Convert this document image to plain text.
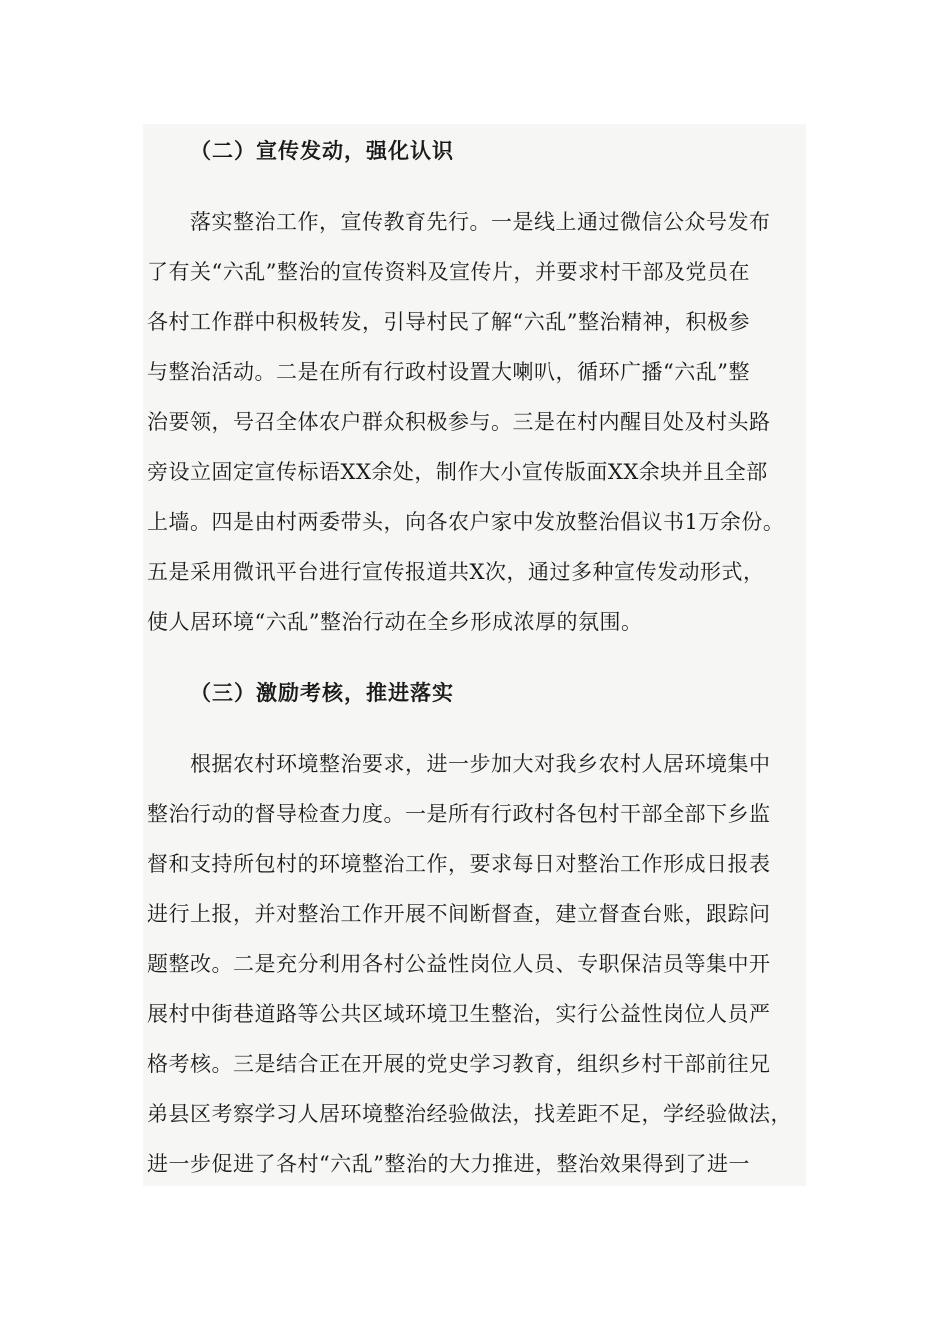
（二）宣传发动，强化认识
落实整治工作，宣传教育先行。一是线上通过微信公众号发布
了有关“六乱”整治的宣传资料及宣传片，并要求村干部及党员在
各村工作群中积极转发，引导村民了解“六乱”整治精神，积极参
与整治活动。二是在所有行政村设置大喇叭，循环广播“六乱”整
治要领，号召全体农户群众积极参与。三是在村内醒目处及村头路
旁设立固定宣传标语XX余处，制作大小宣传版面XX余块并且全部
上墙。四是由村两委带头，向各农户家中发放整治倡议书1万余份。
五是采用微讯平台进行宣传报道共X次，通过多种宣传发动形式，
使人居环境“六乱”整治行动在全乡形成浓厚的氛围。
（三）激励考核，推进落实
根据农村环境整治要求，进一步加大对我乡农村人居环境集中
整治行动的督导检查力度。一是所有行政村各包村干部全部下乡监
督和支持所包村的环境整治工作，要求每日对整治工作形成日报表
进行上报，并对整治工作开展不间断督查，建立督查台账，跟踪问
题整改。二是充分利用各村公益性岗位人员、专职保洁员等集中开
展村中街巷道路等公共区域环境卫生整治，实行公益性岗位人员严
格考核。三是结合正在开展的党史学习教育，组织乡村干部前往兄
弟县区考察学习人居环境整治经验做法，找差距不足，学经验做法，
进一步促进了各村“六乱”整治的大力推进，整治效果得到了进一
